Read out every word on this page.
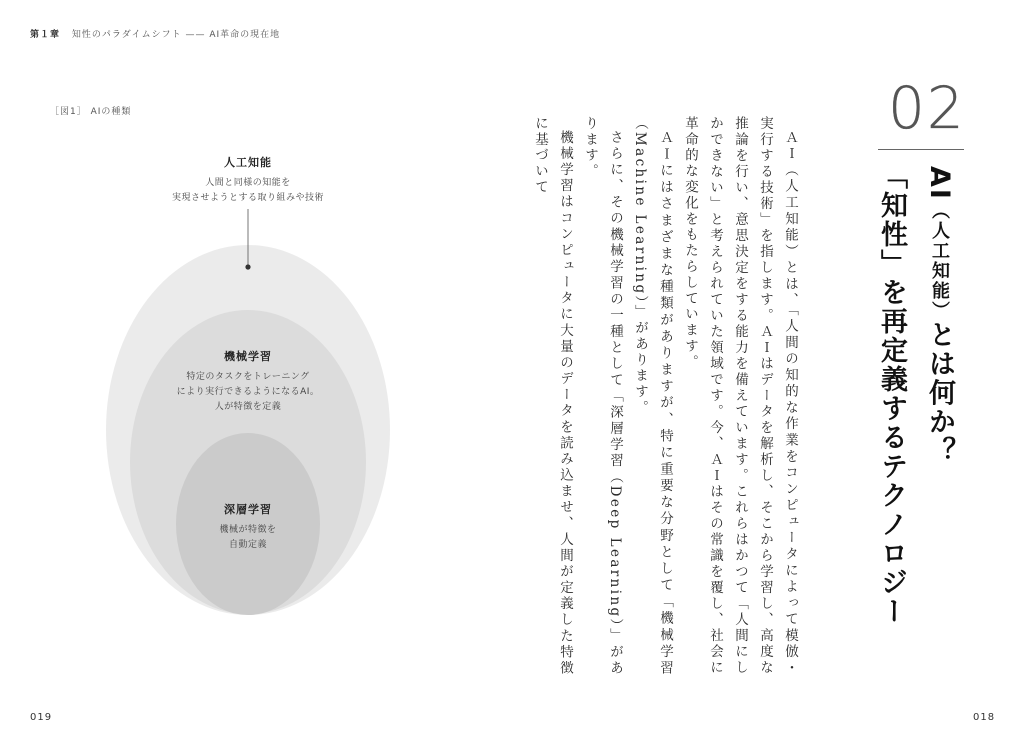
第１章 知性のパラダイムシフト —— AI革命の現在地
［図1］ AIの種類
人工知能
人間と同様の知能を
実現させようとする取り組みや技術
機械学習
特定のタスクをトレーニング
により実行できるようになるAI。
人が特徴を定義
深層学習
機械が特徴を
自動定義
019	018

ＡＩ（人工知能）とは、「人間の知的な作業をコンピュータによって模倣・実行する技術」を指します。ＡＩはデータを解析し、そこから学習し、高度な推論を行い、意思決定をする能力を備えています。これらはかつて「人間にしかできない」と考えられていた領域です。今、ＡＩはその常識を覆し、社会に革命的な変化をもたらしています。

ＡＩにはさまざまな種類がありますが、特に重要な分野として「機械学習（Machine Learning）」があります。

さらに、その機械学習の一種として「深層学習（Deep Learning）」があります。

機械学習はコンピュータに大量のデータを読み込ませ、人間が定義した特徴に基づいて

02
AI（人工知能）とは何か？
「知性」を再定義するテクノロジー
